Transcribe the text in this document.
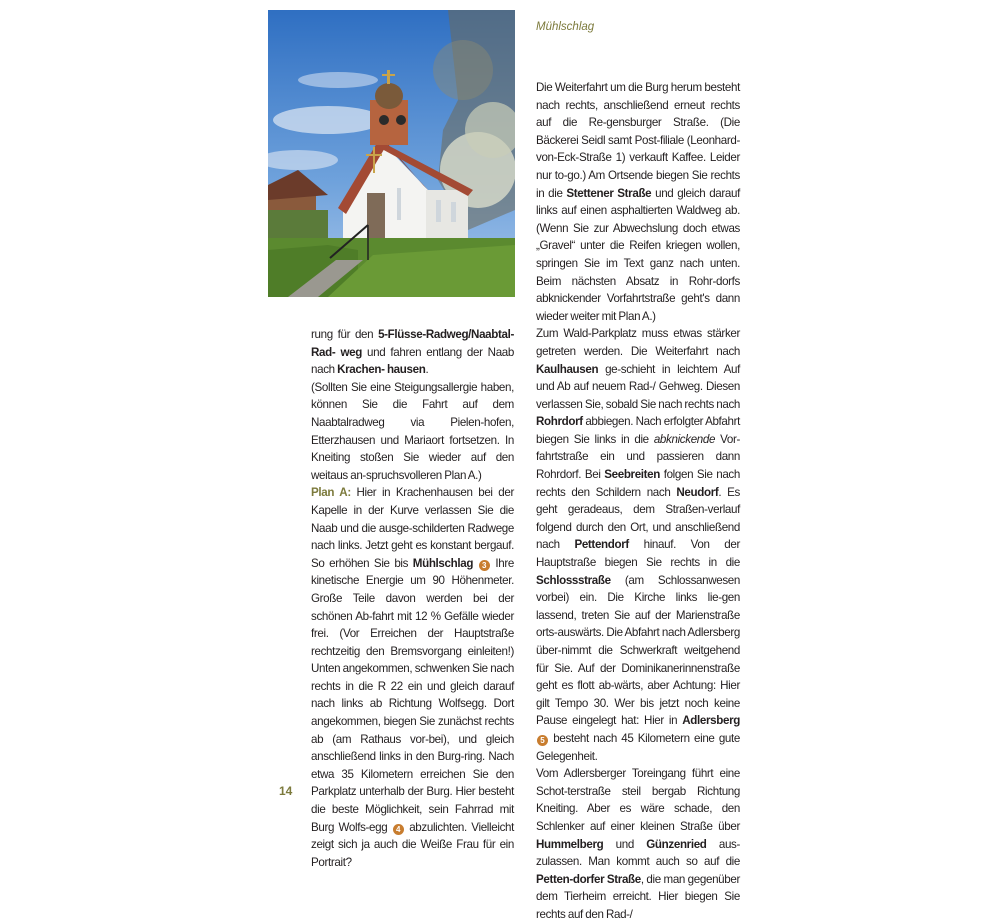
Mühlschlag

rung für den 5-Flüsse-Radweg/Naabtal-Rad- weg und fahren entlang der Naab nach Krachen- hausen.

(Sollten Sie eine Steigungsallergie haben, können Sie die Fahrt auf dem Naabtalradweg via Pielen-hofen, Etterzhausen und Mariaort fortsetzen. In Kneiting stoßen Sie wieder auf den weitaus an-spruchsvolleren Plan A.)

Plan A: Hier in Krachenhausen bei der Kapelle in der Kurve verlassen Sie die Naab und die ausge-schilderten Radwege nach links. Jetzt geht es konstant bergauf. So erhöhen Sie bis Mühlschlag 3 Ihre kinetische Energie um 90 Höhenmeter. Große Teile davon werden bei der schönen Ab-fahrt mit 12 % Gefälle wieder frei. (Vor Erreichen der Hauptstraße rechtzeitig den Bremsvorgang einleiten!) Unten angekommen, schwenken Sie nach rechts in die R 22 ein und gleich darauf nach links ab Richtung Wolfsegg. Dort angekommen, biegen Sie zunächst rechts ab (am Rathaus vor-bei), und gleich anschließend links in den Burg-ring. Nach etwa 35 Kilometern erreichen Sie den Parkplatz unterhalb der Burg. Hier besteht die beste Möglichkeit, sein Fahrrad mit Burg Wolfs-egg 4 abzulichten. Vielleicht zeigt sich ja auch die Weiße Frau für ein Portrait?

Die Weiterfahrt um die Burg herum besteht nach rechts, anschließend erneut rechts auf die Re-gensburger Straße. (Die Bäckerei Seidl samt Post-filiale (Leonhard-von-Eck-Straße 1) verkauft Kaffee. Leider nur to-go.) Am Ortsende biegen Sie rechts in die Stettener Straße und gleich darauf links auf einen asphaltierten Waldweg ab. (Wenn Sie zur Abwechslung doch etwas „Gravel“ unter die Reifen kriegen wollen, springen Sie im Text ganz nach unten. Beim nächsten Absatz in Rohr-dorfs abknickender Vorfahrtstraße geht's dann wieder weiter mit Plan A.)

Zum Wald-Parkplatz muss etwas stärker getreten werden. Die Weiterfahrt nach Kaulhausen ge-schieht in leichtem Auf und Ab auf neuem Rad-/ Gehweg. Diesen verlassen Sie, sobald Sie nach rechts nach Rohrdorf abbiegen. Nach erfolgter Abfahrt biegen Sie links in die abknickende Vor-fahrtstraße ein und passieren dann Rohrdorf. Bei Seebreiten folgen Sie nach rechts den Schildern nach Neudorf. Es geht geradeaus, dem Straßen-verlauf folgend durch den Ort, und anschließend nach Pettendorf hinauf. Von der Hauptstraße biegen Sie rechts in die Schlossstraße (am Schlossanwesen vorbei) ein. Die Kirche links lie-gen lassend, treten Sie auf der Marienstraße orts-auswärts. Die Abfahrt nach Adlersberg über-nimmt die Schwerkraft weitgehend für Sie. Auf der Dominikanerinnenstraße geht es flott ab-wärts, aber Achtung: Hier gilt Tempo 30. Wer bis jetzt noch keine Pause eingelegt hat: Hier in Adlersberg 5 besteht nach 45 Kilometern eine gute Gelegenheit.

Vom Adlersberger Toreingang führt eine Schot-terstraße steil bergab Richtung Kneiting. Aber es wäre schade, den Schlenker auf einer kleinen Straße über Hummelberg und Günzenried aus-zulassen. Man kommt auch so auf die Petten-dorfer Straße, die man gegenüber dem Tierheim erreicht. Hier biegen Sie rechts auf den Rad-/

14
